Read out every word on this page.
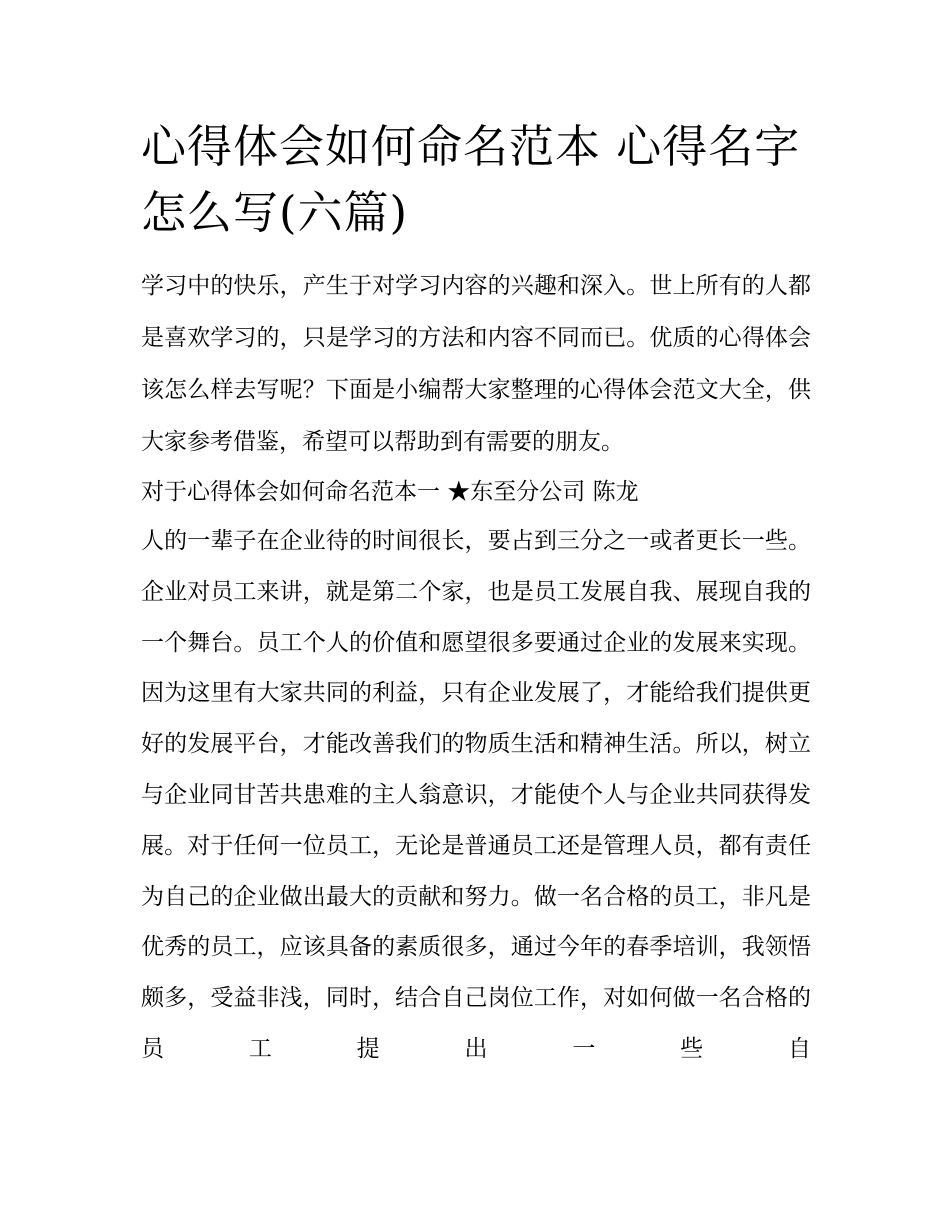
心得体会如何命名范本 心得名字怎么写(六篇)

学习中的快乐，产生于对学习内容的兴趣和深入。世上所有的人都是喜欢学习的，只是学习的方法和内容不同而已。优质的心得体会该怎么样去写呢？下面是小编帮大家整理的心得体会范文大全，供大家参考借鉴，希望可以帮助到有需要的朋友。

对于心得体会如何命名范本一 ★东至分公司 陈龙

人的一辈子在企业待的时间很长，要占到三分之一或者更长一些。企业对员工来讲，就是第二个家，也是员工发展自我、展现自我的一个舞台。员工个人的价值和愿望很多要通过企业的发展来实现。因为这里有大家共同的利益，只有企业发展了，才能给我们提供更好的发展平台，才能改善我们的物质生活和精神生活。所以，树立与企业同甘苦共患难的主人翁意识，才能使个人与企业共同获得发展。对于任何一位员工，无论是普通员工还是管理人员，都有责任为自己的企业做出最大的贡献和努力。做一名合格的员工，非凡是优秀的员工，应该具备的素质很多，通过今年的春季培训，我领悟颇多，受益非浅，同时，结合自己岗位工作，对如何做一名合格的员工提出一些自
